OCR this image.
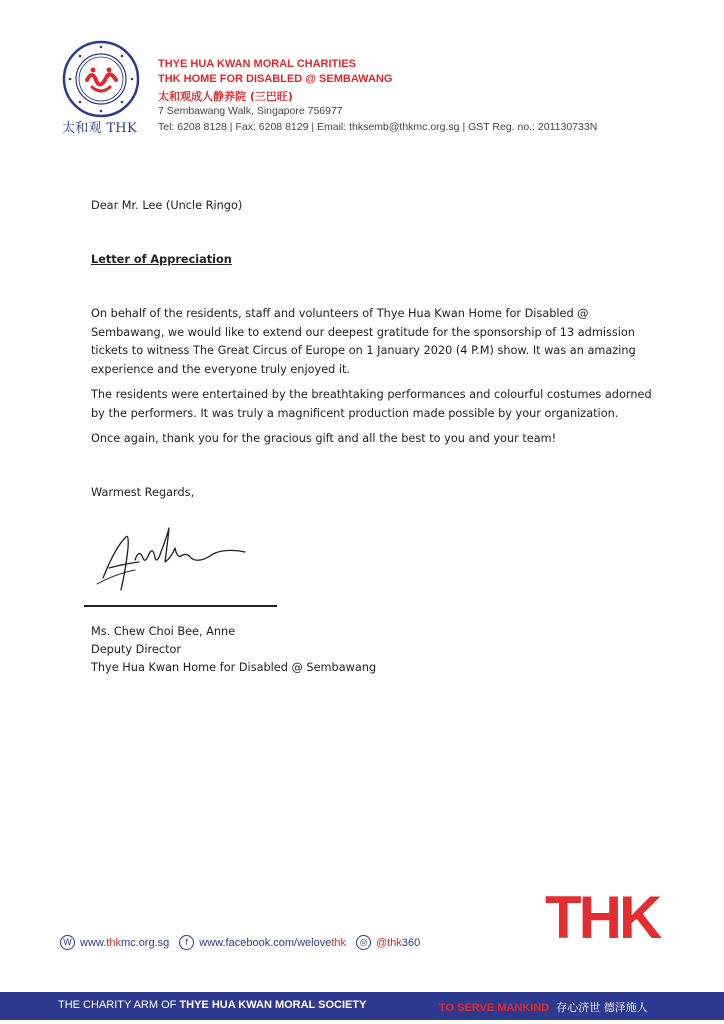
太和观 THK
THYE HUA KWAN MORAL CHARITIES
THK HOME FOR DISABLED @ SEMBAWANG
太和观成人静养院 (三巴旺)
7 Sembawang Walk, Singapore 756977
Tel: 6208 8128 | Fax: 6208 8129 | Email: thksemb@thkmc.org.sg | GST Reg. no.: 201130733N
Dear Mr. Lee (Uncle Ringo)
Letter of Appreciation
On behalf of the residents, staff and volunteers of Thye Hua Kwan Home for Disabled @ Sembawang, we would like to extend our deepest gratitude for the sponsorship of 13 admission tickets to witness The Great Circus of Europe on 1 January 2020 (4 P.M) show. It was an amazing experience and the everyone truly enjoyed it.
The residents were entertained by the breathtaking performances and colourful costumes adorned by the performers. It was truly a magnificent production made possible by your organization.
Once again, thank you for the gracious gift and all the best to you and your team!
Warmest Regards,
Ms. Chew Choi Bee, Anne
Deputy Director
Thye Hua Kwan Home for Disabled @ Sembawang
THK
W www.thkmc.org.sg	f	www.facebook.com/welovethk	◎ @thk360
THE CHARITY ARM OF THYE HUA KWAN MORAL SOCIETY	TO SERVE MANKIND 存心济世 德泽施人
